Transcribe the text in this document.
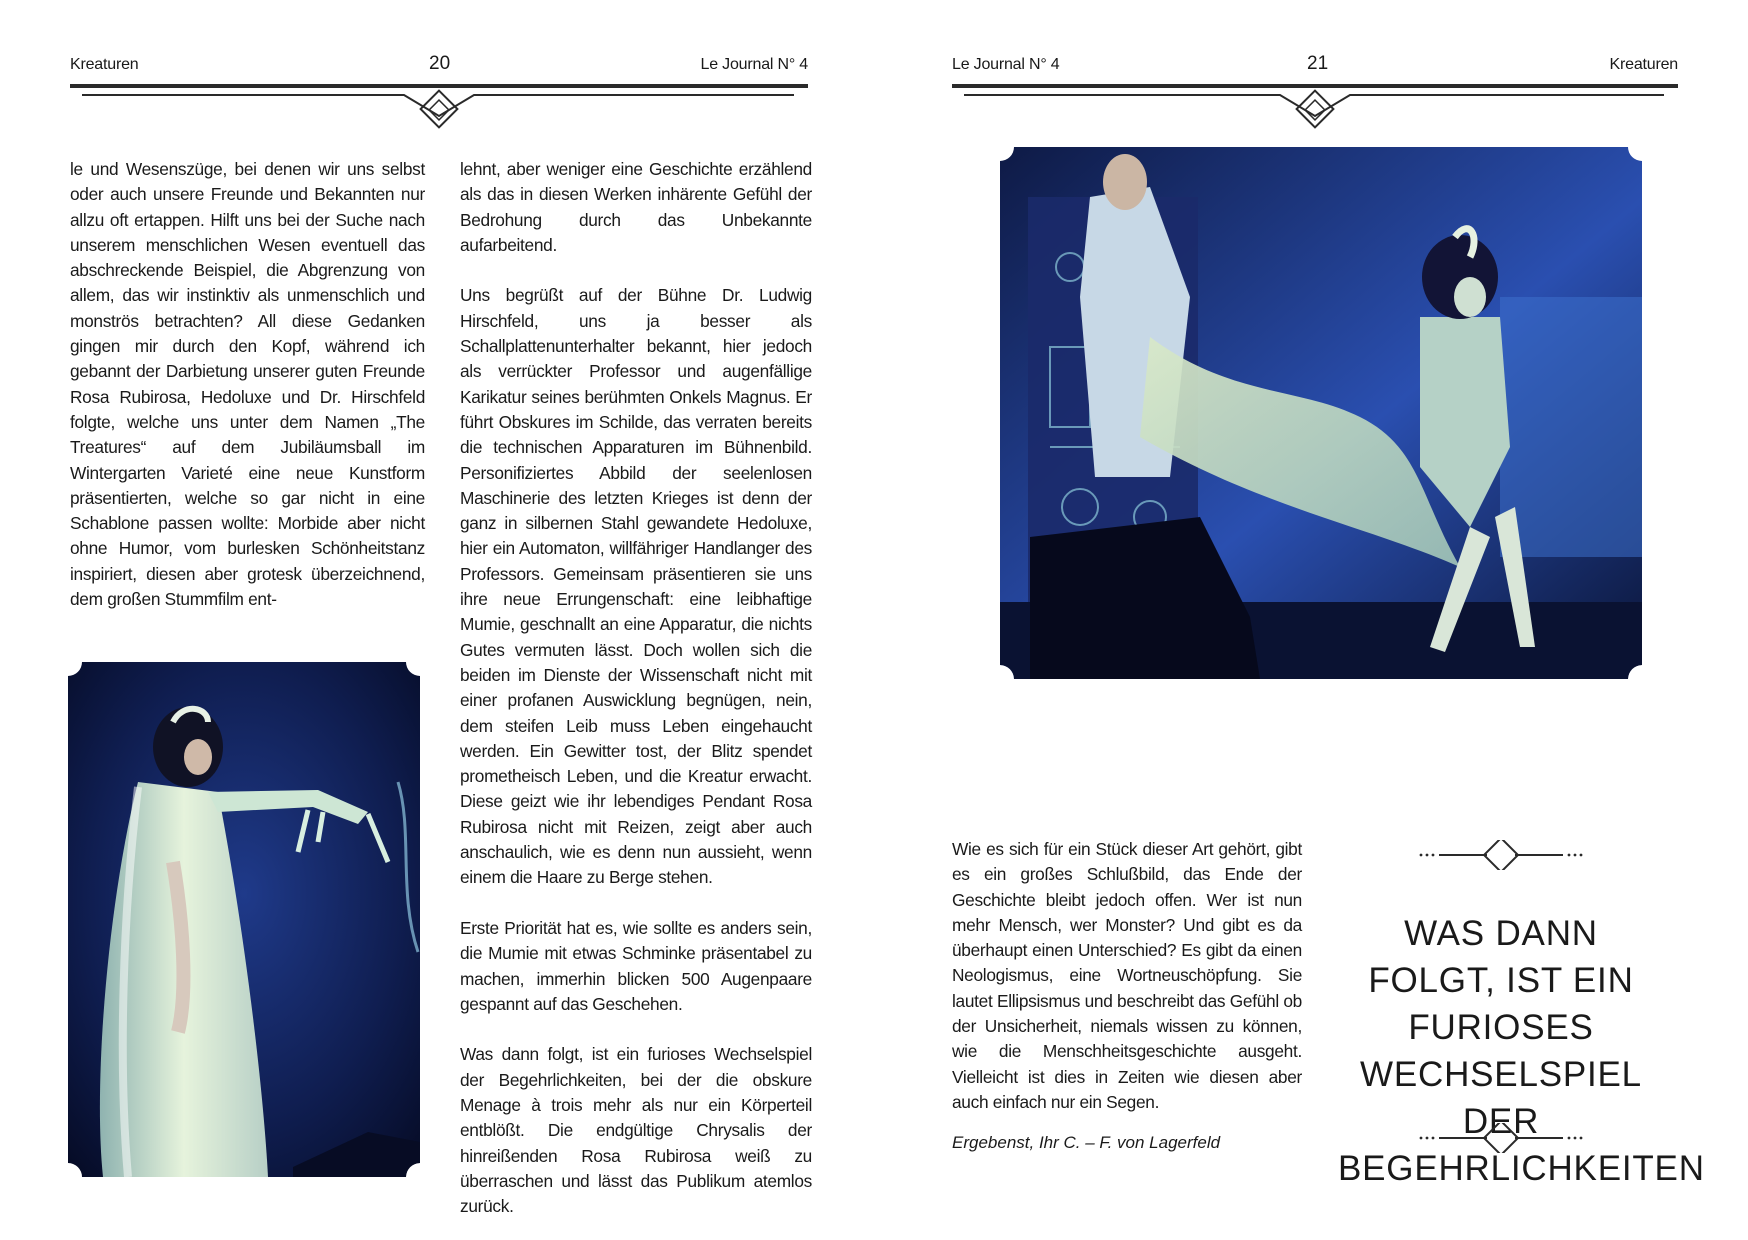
Kreaturen	20	Le Journal N° 4
le und Wesenszüge, bei denen wir uns selbst oder auch unsere Freunde und Bekannten nur allzu oft ertappen. Hilft uns bei der Suche nach unserem menschlichen Wesen eventuell das abschreckende Beispiel, die Abgrenzung von allem, das wir instinktiv als unmenschlich und monströs betrachten? All diese Gedanken gingen mir durch den Kopf, während ich gebannt der Darbietung unserer guten Freunde Rosa Rubirosa, Hedoluxe und Dr. Hirschfeld folgte, welche uns unter dem Namen „The Treatures“ auf dem Jubiläumsball im Wintergarten Varieté eine neue Kunstform präsentierten, welche so gar nicht in eine Schablone passen wollte: Morbide aber nicht ohne Humor, vom burlesken Schönheitstanz inspiriert, diesen aber grotesk überzeichnend, dem großen Stummfilm ent-

lehnt, aber weniger eine Geschichte erzählend als das in diesen Werken inhärente Gefühl der Bedrohung durch das Unbekannte aufarbeitend.

Uns begrüßt auf der Bühne Dr. Ludwig Hirschfeld, uns ja besser als Schallplattenunterhalter bekannt, hier jedoch als verrückter Professor und augenfällige Karikatur seines berühmten Onkels Magnus. Er führt Obskures im Schilde, das verraten bereits die technischen Apparaturen im Bühnenbild. Personifiziertes Abbild der seelenlosen Maschinerie des letzten Krieges ist denn der ganz in silbernen Stahl gewandete Hedoluxe, hier ein Automaton, willfähriger Handlanger des Professors. Gemeinsam präsentieren sie uns ihre neue Errungenschaft: eine leibhaftige Mumie, geschnallt an eine Apparatur, die nichts Gutes vermuten lässt. Doch wollen sich die beiden im Dienste der Wissenschaft nicht mit einer profanen Auswicklung begnügen, nein, dem steifen Leib muss Leben eingehaucht werden. Ein Gewitter tost, der Blitz spendet prometheisch Leben, und die Kreatur erwacht. Diese geizt wie ihr lebendiges Pendant Rosa Rubirosa nicht mit Reizen, zeigt aber auch anschaulich, wie es denn nun aussieht, wenn einem die Haare zu Berge stehen.

Erste Priorität hat es, wie sollte es anders sein, die Mumie mit etwas Schminke präsentabel zu machen, immerhin blicken 500 Augenpaare gespannt auf das Geschehen.

Was dann folgt, ist ein furioses Wechselspiel der Begehrlichkeiten, bei der die obskure Menage à trois mehr als nur ein Körperteil entblößt. Die endgültige Chrysalis der hinreißenden Rosa Rubirosa weiß zu überraschen und lässt das Publikum atemlos zurück.

Le Journal N° 4	21	Kreaturen
Wie es sich für ein Stück dieser Art gehört, gibt es ein großes Schlußbild, das Ende der Geschichte bleibt jedoch offen. Wer ist nun mehr Mensch, wer Monster? Und gibt es da überhaupt einen Unterschied? Es gibt da einen Neologismus, eine Wortneuschöpfung. Sie lautet Ellipsismus und beschreibt das Gefühl ob der Unsicherheit, niemals wissen zu können, wie die Menschheitsgeschichte ausgeht. Vielleicht ist dies in Zeiten wie diesen aber auch einfach nur ein Segen.
Ergebenst, Ihr C. – F. von Lagerfeld
WAS DANN FOLGT, IST EIN FURIOSES WECHSELSPIEL DER BEGEHRLICHKEITEN
